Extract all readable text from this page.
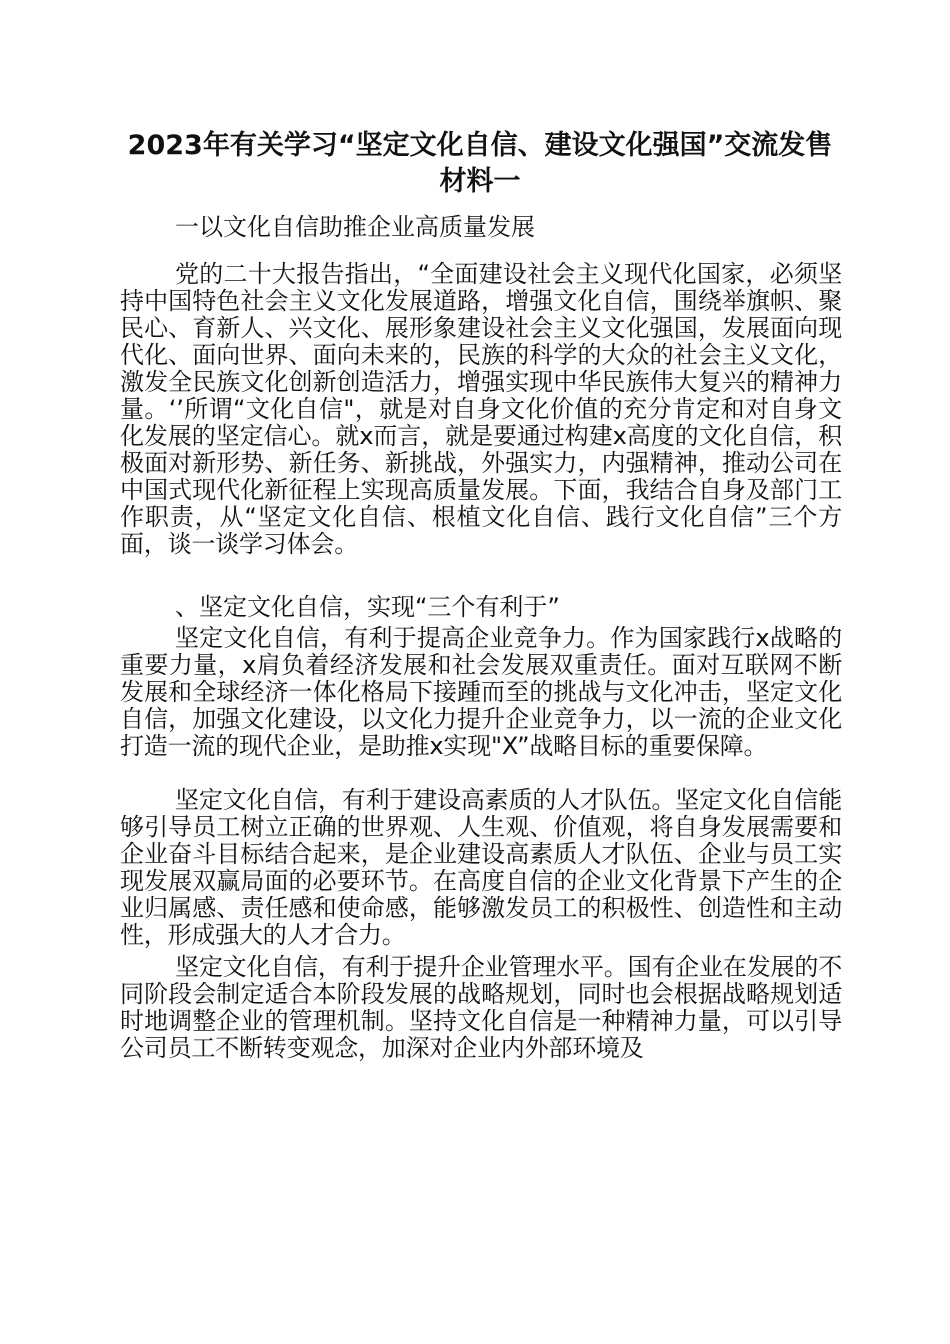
2023年有关学习“坚定文化自信、建设文化强国”交流发售材料一

一以文化自信助推企业高质量发展

党的二十大报告指出，“全面建设社会主义现代化国家，必须坚持中国特色社会主义文化发展道路，增强文化自信，围绕举旗帜、聚民心、育新人、兴文化、展形象建设社会主义文化强国，发展面向现代化、面向世界、面向未来的，民族的科学的大众的社会主义文化，激发全民族文化创新创造活力，增强实现中华民族伟大复兴的精神力量。‘’所谓“文化自信"，就是对自身文化价值的充分肯定和对自身文化发展的坚定信心。就x而言，就是要通过构建x高度的文化自信，积极面对新形势、新任务、新挑战，外强实力，内强精神，推动公司在中国式现代化新征程上实现高质量发展。下面，我结合自身及部门工作职责，从“坚定文化自信、根植文化自信、践行文化自信”三个方面，谈一谈学习体会。

、坚定文化自信，实现“三个有利于”

坚定文化自信，有利于提高企业竞争力。作为国家践行x战略的重要力量，x肩负着经济发展和社会发展双重责任。面对互联网不断发展和全球经济一体化格局下接踵而至的挑战与文化冲击，坚定文化自信，加强文化建设，以文化力提升企业竞争力，以一流的企业文化打造一流的现代企业，是助推x实现"X”战略目标的重要保障。

坚定文化自信，有利于建设高素质的人才队伍。坚定文化自信能够引导员工树立正确的世界观、人生观、价值观，将自身发展需要和企业奋斗目标结合起来，是企业建设高素质人才队伍、企业与员工实现发展双赢局面的必要环节。在高度自信的企业文化背景下产生的企业归属感、责任感和使命感，能够激发员工的积极性、创造性和主动性，形成强大的人才合力。

坚定文化自信，有利于提升企业管理水平。国有企业在发展的不同阶段会制定适合本阶段发展的战略规划，同时也会根据战略规划适时地调整企业的管理机制。坚持文化自信是一种精神力量，可以引导公司员工不断转变观念，加深对企业内外部环境及
